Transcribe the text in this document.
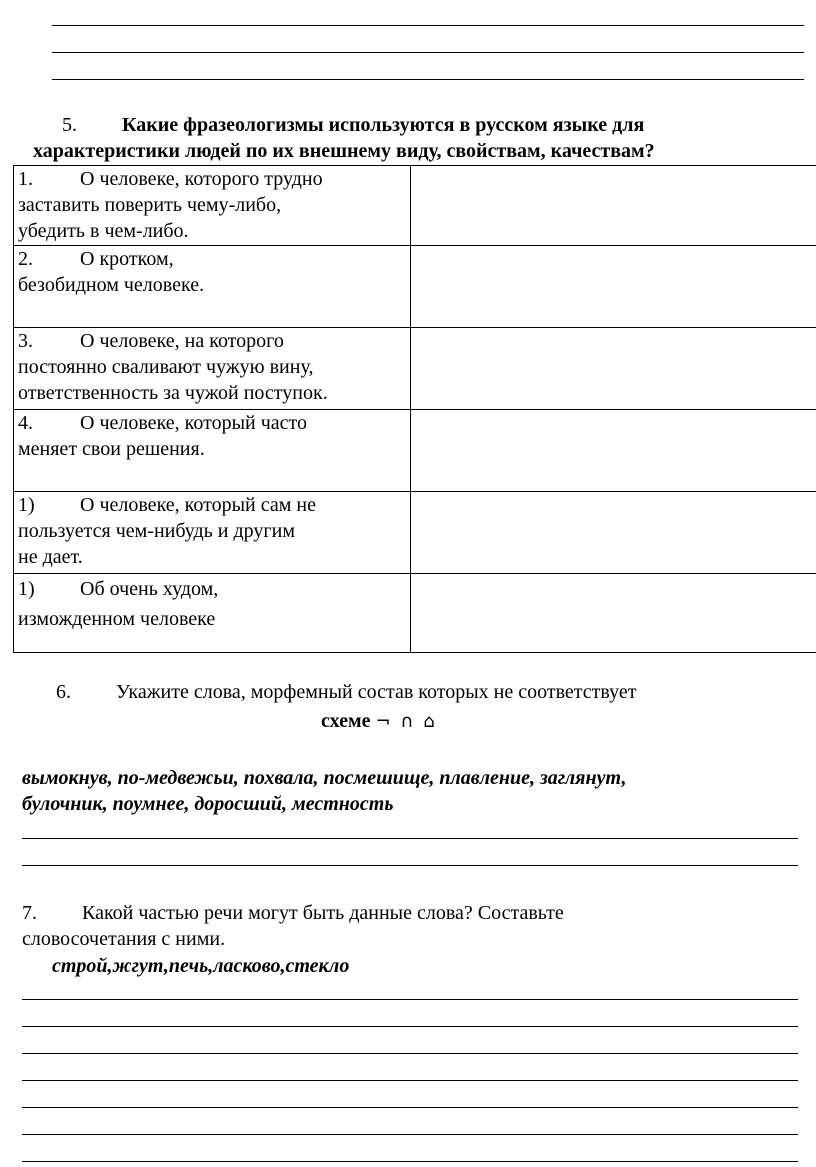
5. Какие фразеологизмы используются в русском языке для
характеристики людей по их внешнему виду, свойствам, качествам?
1. О человеке, которого трудно
заставить поверить чему-либо,
убедить в чем-либо.	
2. О кротком,
безобидном человеке.	
3. О человеке, на которого
постоянно сваливают чужую вину,
ответственность за чужой поступок.	
4. О человеке, который часто
меняет свои решения.	
1) О человеке, который сам не
пользуется чем-нибудь и другим
не дает.	
1) Об очень худом,
изможденном человеке	
6. Укажите слова, морфемный состав которых не соответствует
схеме ¬ ∩ ⌂
вымокнув, по-медвежьи, похвала, посмешище, плавление, заглянут,
булочник, поумнее, доросший, местность
7. Какой частью речи могут быть данные слова? Составьте
словосочетания с ними.
строй,жгут,печь,ласково,стекло
